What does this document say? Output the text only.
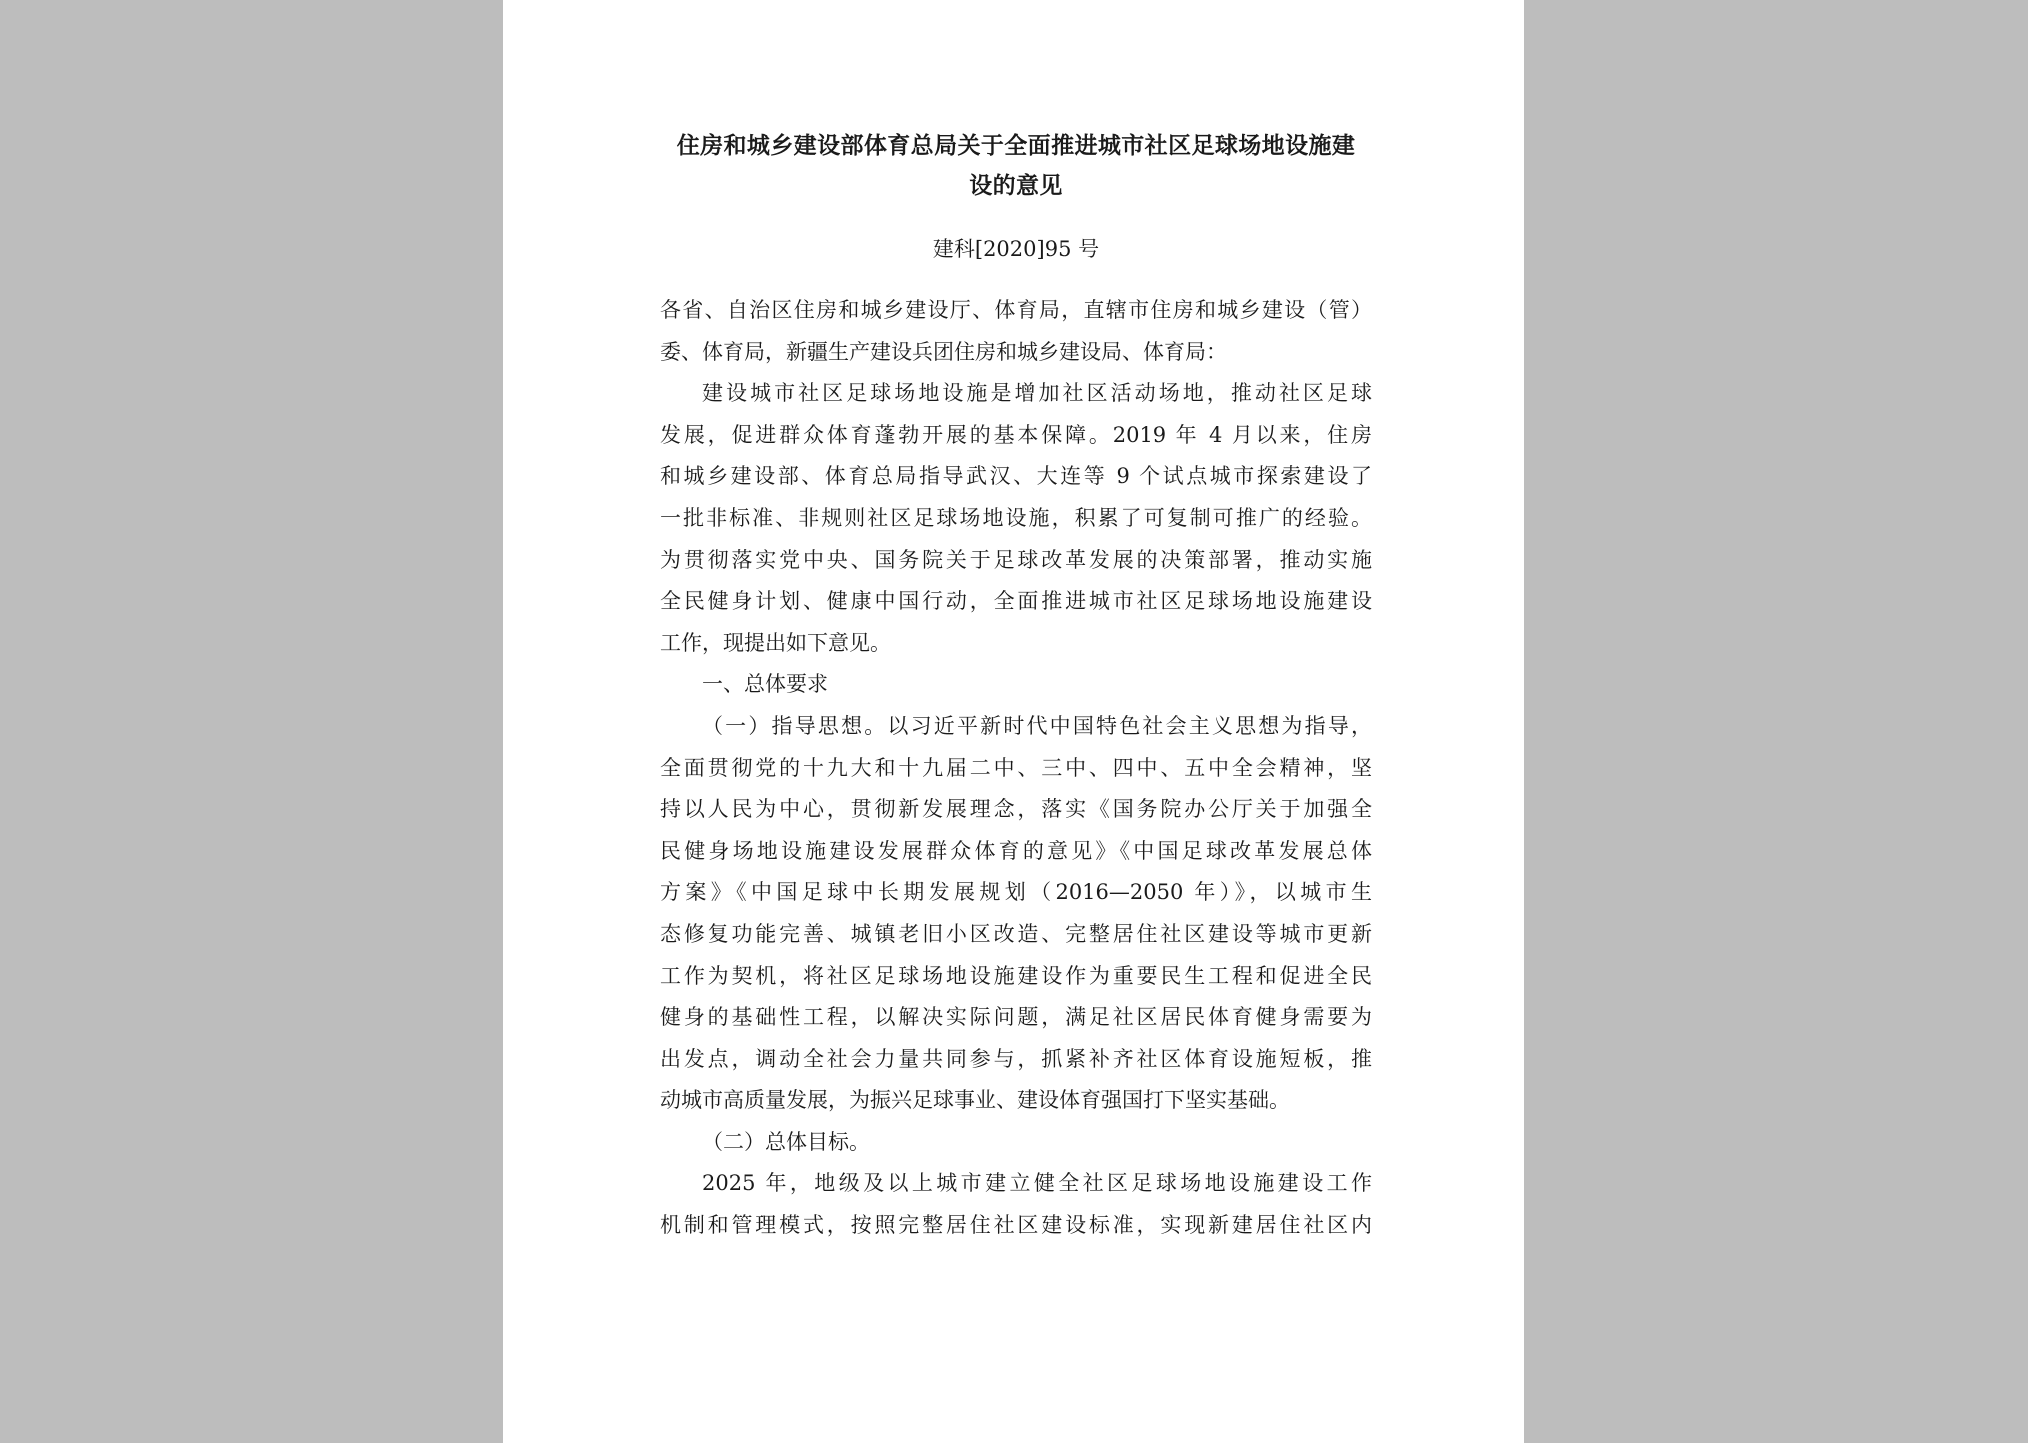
住房和城乡建设部体育总局关于全面推进城市社区足球场地设施建
设的意见
建科[2020]95 号

各省、自治区住房和城乡建设厅、体育局，直辖市住房和城乡建设（管）
委、体育局，新疆生产建设兵团住房和城乡建设局、体育局：

建设城市社区足球场地设施是增加社区活动场地，推动社区足球
发展，促进群众体育蓬勃开展的基本保障。2019 年 4 月以来，住房
和城乡建设部、体育总局指导武汉、大连等 9 个试点城市探索建设了
一批非标准、非规则社区足球场地设施，积累了可复制可推广的经验。
为贯彻落实党中央、国务院关于足球改革发展的决策部署，推动实施
全民健身计划、健康中国行动，全面推进城市社区足球场地设施建设
工作，现提出如下意见。

一、总体要求

（一）指导思想。以习近平新时代中国特色社会主义思想为指导，
全面贯彻党的十九大和十九届二中、三中、四中、五中全会精神，坚
持以人民为中心，贯彻新发展理念，落实《国务院办公厅关于加强全
民健身场地设施建设发展群众体育的意见》《中国足球改革发展总体
方案》《中国足球中长期发展规划（2016—2050 年）》，以城市生
态修复功能完善、城镇老旧小区改造、完整居住社区建设等城市更新
工作为契机，将社区足球场地设施建设作为重要民生工程和促进全民
健身的基础性工程，以解决实际问题，满足社区居民体育健身需要为
出发点，调动全社会力量共同参与，抓紧补齐社区体育设施短板，推
动城市高质量发展，为振兴足球事业、建设体育强国打下坚实基础。

（二）总体目标。

2025 年，地级及以上城市建立健全社区足球场地设施建设工作
机制和管理模式，按照完整居住社区建设标准，实现新建居住社区内
